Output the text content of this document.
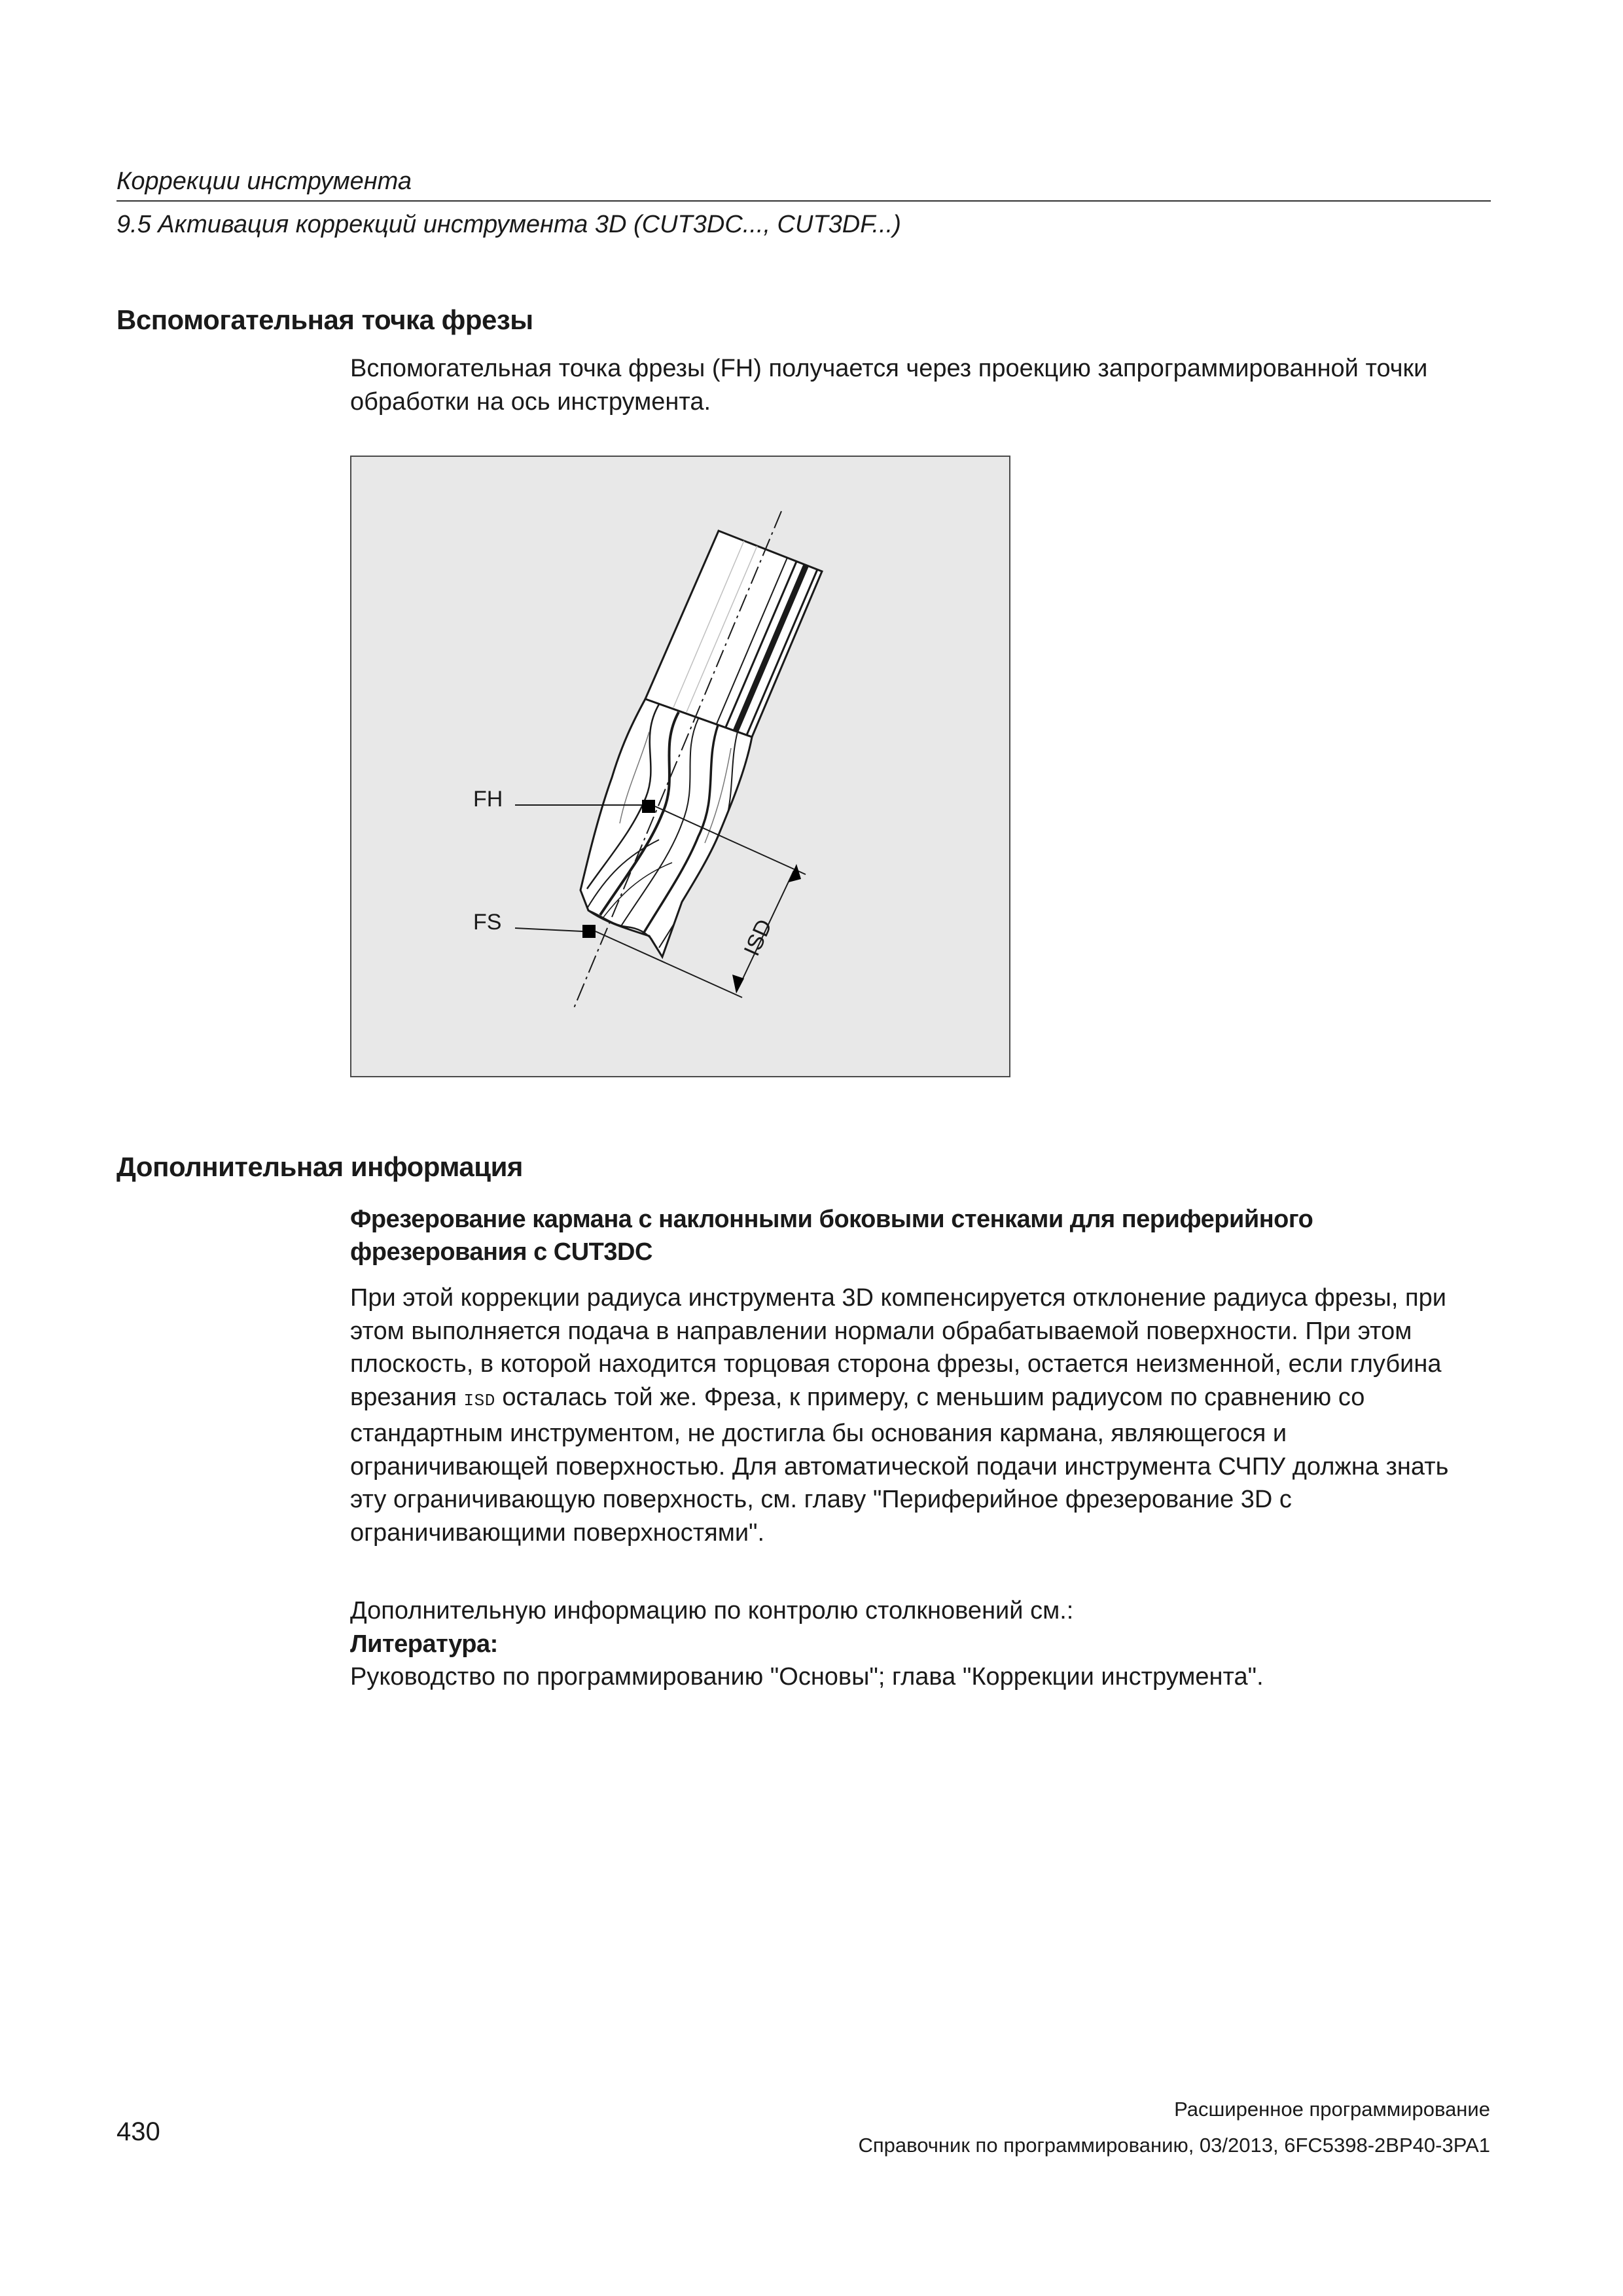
Коррекции инструмента
9.5 Активация коррекций инструмента 3D (CUT3DC..., CUT3DF...)
Вспомогательная точка фрезы

Вспомогательная точка фрезы (FH) получается через проекцию запрограммированной точки обработки на ось инструмента.

FH
FS	ISD
Дополнительная информация
Фрезерование кармана с наклонными боковыми стенками для периферийного фрезерования с CUT3DC

При этой коррекции радиуса инструмента 3D компенсируется отклонение радиуса фрезы, при этом выполняется подача в направлении нормали обрабатываемой поверхности. При этом плоскость, в которой находится торцовая сторона фрезы, остается неизменной, если глубина врезания ISD осталась той же. Фреза, к примеру, с меньшим радиусом по сравнению со стандартным инструментом, не достигла бы основания кармана, являющегося и ограничивающей поверхностью. Для автоматической подачи инструмента СЧПУ должна знать эту ограничивающую поверхность, см. главу "Периферийное фрезерование 3D с ограничивающими поверхностями".

Дополнительную информацию по контролю столкновений см.:

Литература:

Руководство по программированию "Основы"; глава "Коррекции инструмента".

Расширенное программирование
Справочник по программированию, 03/2013, 6FC5398-2BP40-3PA1
430
